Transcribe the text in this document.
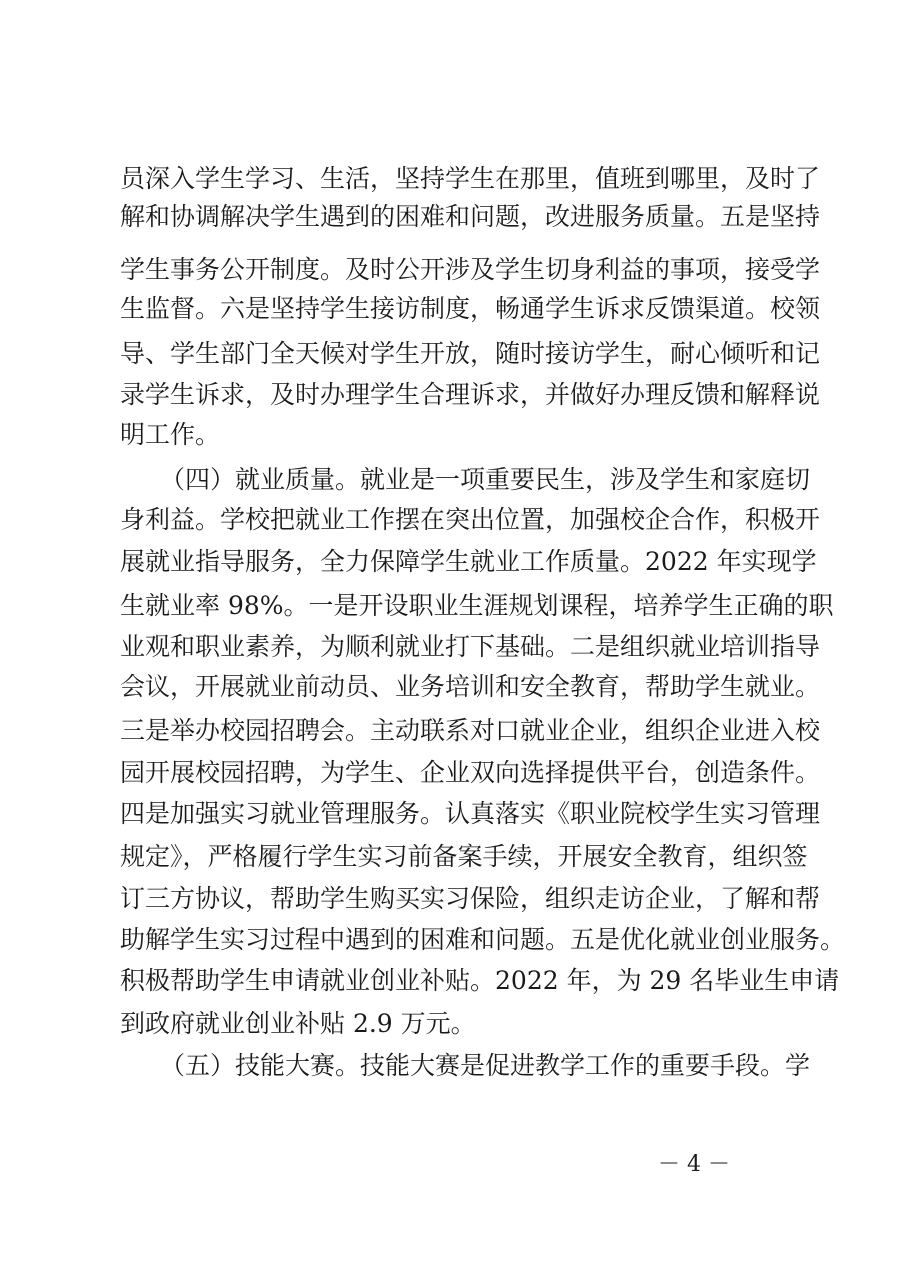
员深入学生学习、生活，坚持学生在那里，值班到哪里，及时了
解和协调解决学生遇到的困难和问题，改进服务质量。五是坚持
学生事务公开制度。及时公开涉及学生切身利益的事项，接受学
生监督。六是坚持学生接访制度，畅通学生诉求反馈渠道。校领
导、学生部门全天候对学生开放，随时接访学生，耐心倾听和记
录学生诉求，及时办理学生合理诉求，并做好办理反馈和解释说
明工作。
（四）就业质量。就业是一项重要民生，涉及学生和家庭切
身利益。学校把就业工作摆在突出位置，加强校企合作，积极开
展就业指导服务，全力保障学生就业工作质量。2022 年实现学
生就业率 98%。一是开设职业生涯规划课程，培养学生正确的职
业观和职业素养，为顺利就业打下基础。二是组织就业培训指导
会议，开展就业前动员、业务培训和安全教育，帮助学生就业。
三是举办校园招聘会。主动联系对口就业企业，组织企业进入校
园开展校园招聘，为学生、企业双向选择提供平台，创造条件。
四是加强实习就业管理服务。认真落实《职业院校学生实习管理
规定》，严格履行学生实习前备案手续，开展安全教育，组织签
订三方协议，帮助学生购买实习保险，组织走访企业，了解和帮
助解学生实习过程中遇到的困难和问题。五是优化就业创业服务。
积极帮助学生申请就业创业补贴。2022 年，为 29 名毕业生申请
到政府就业创业补贴 2.9 万元。
（五）技能大赛。技能大赛是促进教学工作的重要手段。学
－ 4 －
